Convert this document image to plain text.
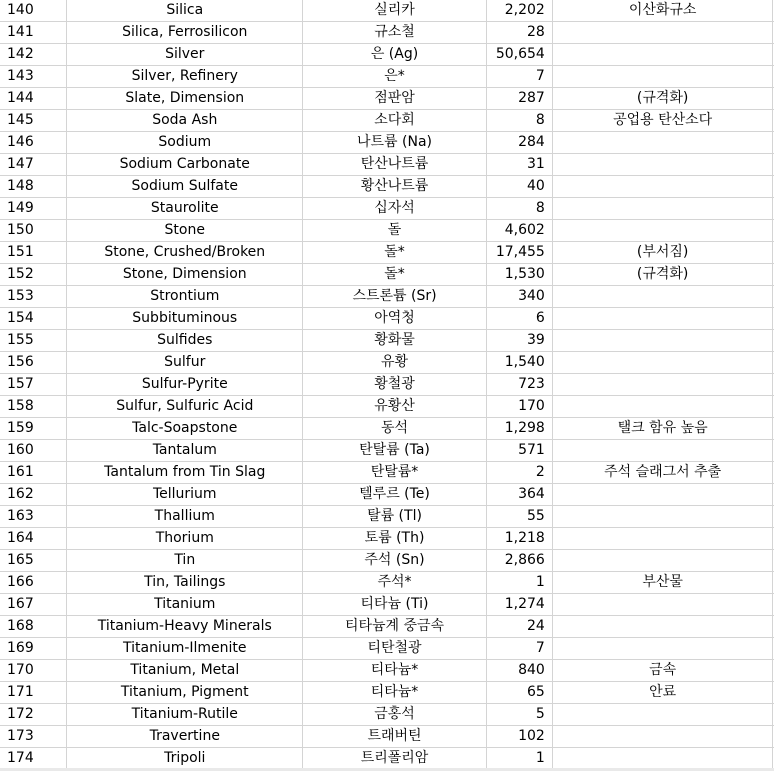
140	Silica	실리카	2,202	이산화규소	
141	Silica, Ferrosilicon	규소철	28		
142	Silver	은 (Ag)	50,654		
143	Silver, Refinery	은*	7		
144	Slate, Dimension	점판암	287	(규격화)	
145	Soda Ash	소다회	8	공업용 탄산소다	
146	Sodium	나트륨 (Na)	284		
147	Sodium Carbonate	탄산나트륨	31		
148	Sodium Sulfate	황산나트륨	40		
149	Staurolite	십자석	8		
150	Stone	돌	4,602		
151	Stone, Crushed/Broken	돌*	17,455	(부서짐)	
152	Stone, Dimension	돌*	1,530	(규격화)	
153	Strontium	스트론튬 (Sr)	340		
154	Subbituminous	아역청	6		
155	Sulfides	황화물	39		
156	Sulfur	유황	1,540		
157	Sulfur-Pyrite	황철광	723		
158	Sulfur, Sulfuric Acid	유황산	170		
159	Talc-Soapstone	동석	1,298	탤크 함유 높음	
160	Tantalum	탄탈륨 (Ta)	571		
161	Tantalum from Tin Slag	탄탈륨*	2	주석 슬래그서 추출	
162	Tellurium	텔루르 (Te)	364		
163	Thallium	탈륨 (Tl)	55		
164	Thorium	토륨 (Th)	1,218		
165	Tin	주석 (Sn)	2,866		
166	Tin, Tailings	주석*	1	부산물	
167	Titanium	티타늄 (Ti)	1,274		
168	Titanium-Heavy Minerals	티타늄계 중금속	24		
169	Titanium-Ilmenite	티탄철광	7		
170	Titanium, Metal	티타늄*	840	금속	
171	Titanium, Pigment	티타늄*	65	안료	
172	Titanium-Rutile	금홍석	5		
173	Travertine	트래버틴	102		
174	Tripoli	트리폴리암	1		
